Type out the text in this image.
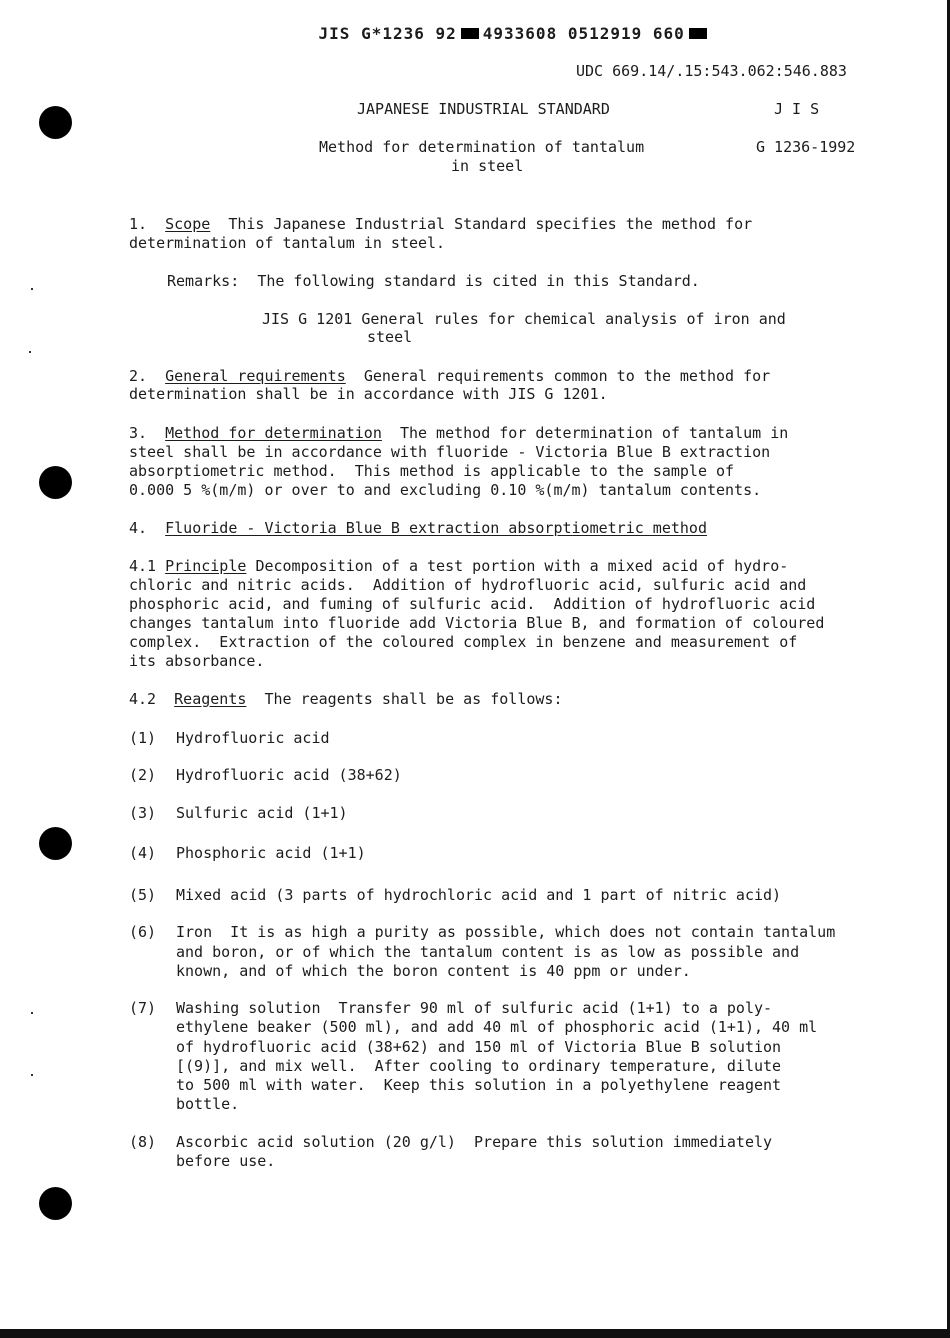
JIS G*1236 92 4933608 0512919 660

UDC 669.14/.15:543.062:546.883
JAPANESE INDUSTRIAL STANDARD	J I S
Method for determination of tantalum
in steel
G 1236-1992
1. Scope This Japanese Industrial Standard specifies the method for
determination of tantalum in steel.
Remarks: The following standard is cited in this Standard.
JIS G 1201 General rules for chemical analysis of iron and
steel
2. General requirements General requirements common to the method for
determination shall be in accordance with JIS G 1201.
3. Method for determination The method for determination of tantalum in
steel shall be in accordance with fluoride - Victoria Blue B extraction
absorptiometric method.  This method is applicable to the sample of
0.000 5 %(m/m) or over to and excluding 0.10 %(m/m) tantalum contents.
4. Fluoride - Victoria Blue B extraction absorptiometric method
4.1 Principle Decomposition of a test portion with a mixed acid of hydro-
chloric and nitric acids.  Addition of hydrofluoric acid, sulfuric acid and
phosphoric acid, and fuming of sulfuric acid.  Addition of hydrofluoric acid
changes tantalum into fluoride add Victoria Blue B, and formation of coloured
complex.  Extraction of the coloured complex in benzene and measurement of
its absorbance.
4.2 Reagents The reagents shall be as follows:
(1) Hydrofluoric acid
(2) Hydrofluoric acid (38+62)
(3) Sulfuric acid (1+1)
(4) Phosphoric acid (1+1)
(5) Mixed acid (3 parts of hydrochloric acid and 1 part of nitric acid)
(6) Iron  It is as high a purity as possible, which does not contain tantalum
and boron, or of which the tantalum content is as low as possible and
known, and of which the boron content is 40 ppm or under.
(7) Washing solution  Transfer 90 ml of sulfuric acid (1+1) to a poly-
ethylene beaker (500 ml), and add 40 ml of phosphoric acid (1+1), 40 ml
of hydrofluoric acid (38+62) and 150 ml of Victoria Blue B solution
[(9)], and mix well.  After cooling to ordinary temperature, dilute
to 500 ml with water.  Keep this solution in a polyethylene reagent
bottle.
(8) Ascorbic acid solution (20 g/l)  Prepare this solution immediately
before use.
